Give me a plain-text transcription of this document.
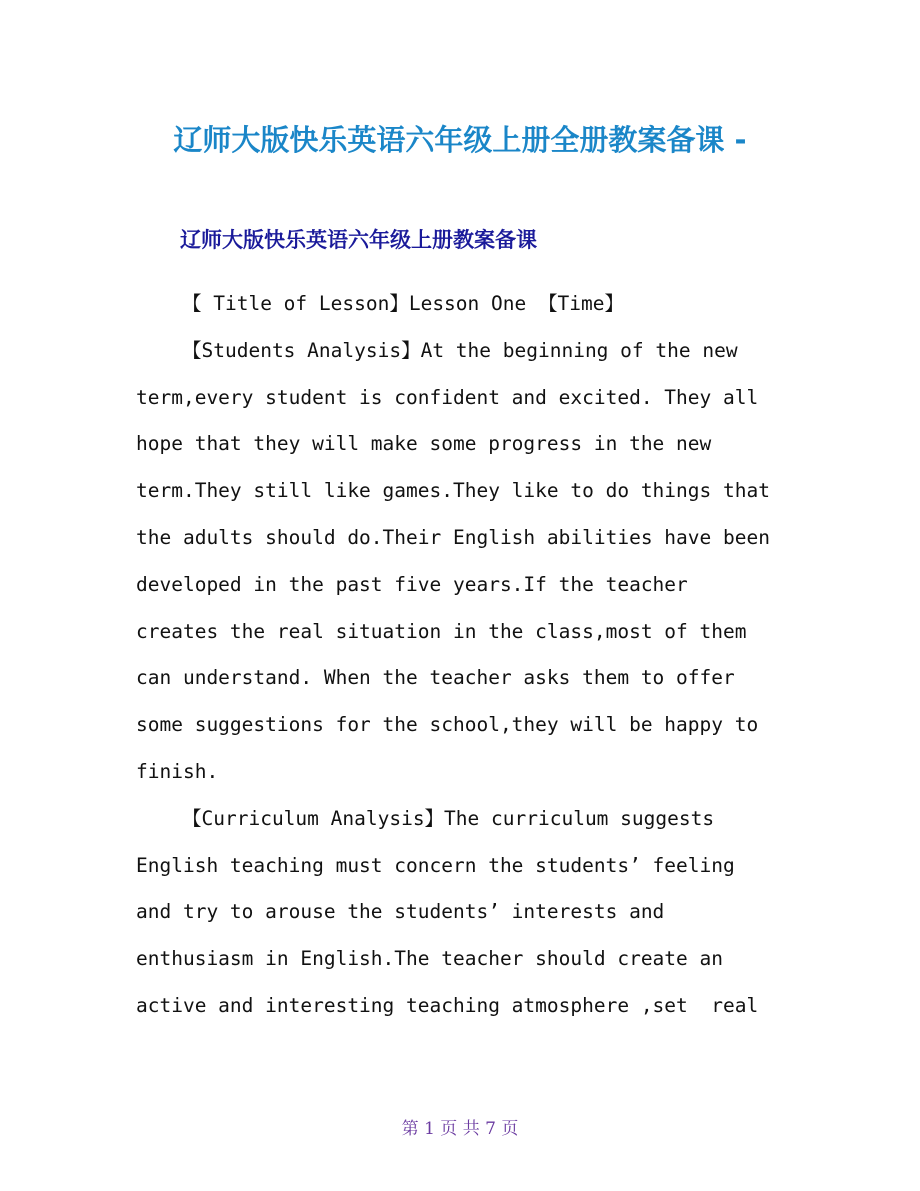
辽师大版快乐英语六年级上册全册教案备课 -
辽师大版快乐英语六年级上册教案备课
【 Title of Lesson】Lesson One 【Time】
【Students Analysis】At the beginning of the new
term,every student is confident and excited. They all
hope that they will make some progress in the new
term.They still like games.They like to do things that
the adults should do.Their English abilities have been
developed in the past five years.If the teacher
creates the real situation in the class,most of them
can understand. When the teacher asks them to offer
some suggestions for the school,they will be happy to
finish.
【Curriculum Analysis】The curriculum suggests
English teaching must concern the students’ feeling
and try to arouse the students’ interests and
enthusiasm in English.The teacher should create an
active and interesting teaching atmosphere ,set  real

第 1 页 共 7 页
